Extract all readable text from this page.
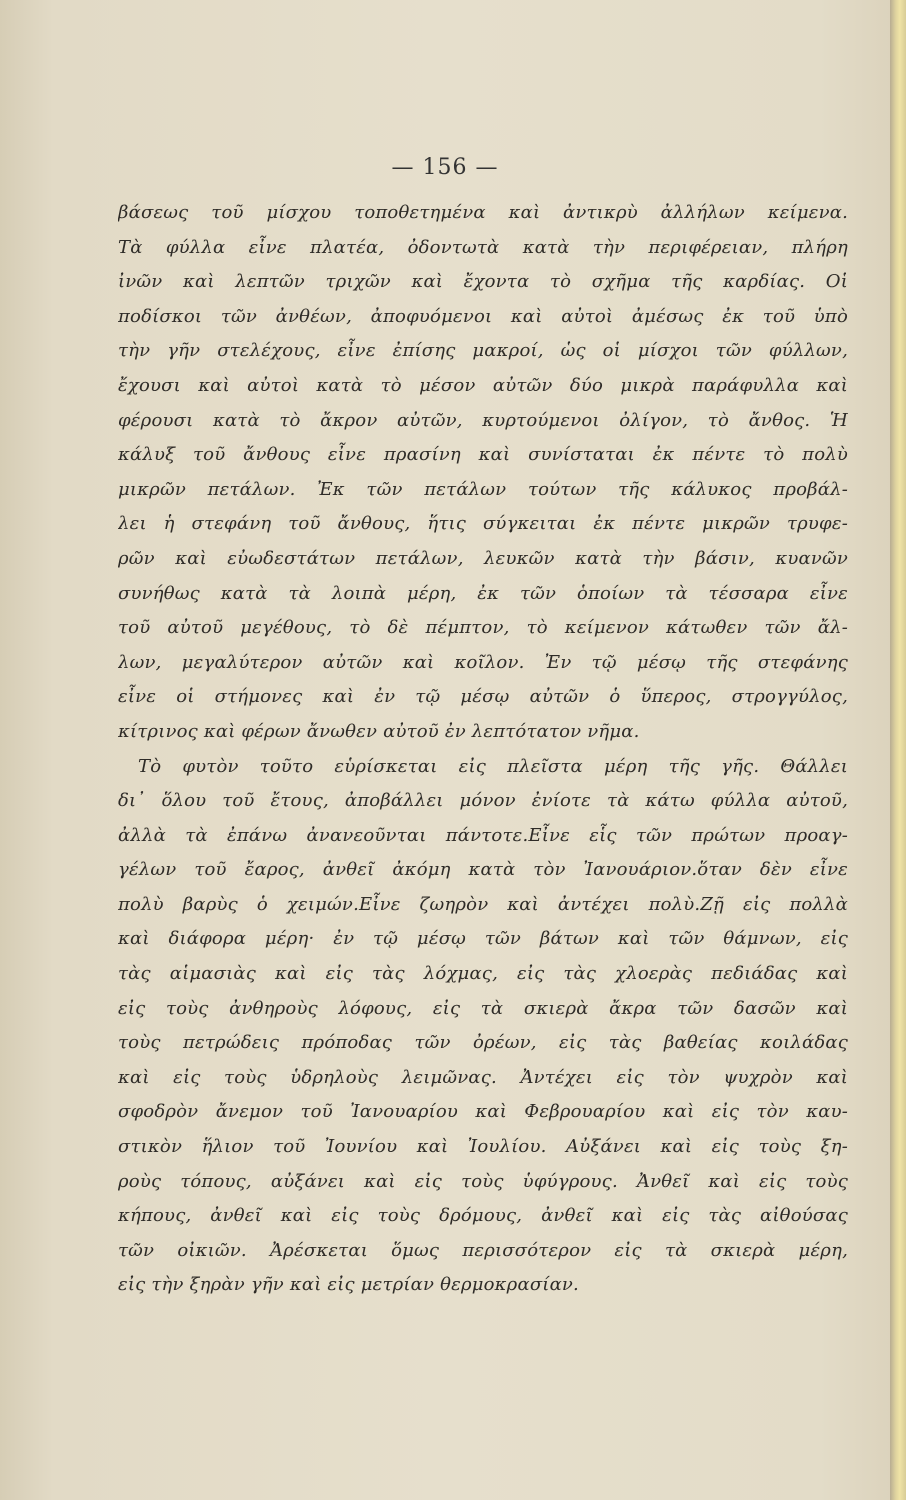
— 156 —
βάσεως τοῦ μίσχου τοποθετημένα καὶ ἀντικρὺ ἀλλήλων κείμενα.
Τὰ φύλλα εἶνε πλατέα, ὀδοντωτὰ κατὰ τὴν περιφέρειαν, πλήρη
ἰνῶν καὶ λεπτῶν τριχῶν καὶ ἔχοντα τὸ σχῆμα τῆς καρδίας. Οἱ
ποδίσκοι τῶν ἀνθέων, ἀποφυόμενοι καὶ αὐτοὶ ἀμέσως ἐκ τοῦ ὑπὸ
τὴν γῆν στελέχους, εἶνε ἐπίσης μακροί, ὡς οἱ μίσχοι τῶν φύλλων,
ἔχουσι καὶ αὐτοὶ κατὰ τὸ μέσον αὐτῶν δύο μικρὰ παράφυλλα καὶ
φέρουσι κατὰ τὸ ἄκρον αὐτῶν, κυρτούμενοι ὀλίγον, τὸ ἄνθος. Ἡ
κάλυξ τοῦ ἄνθους εἶνε πρασίνη καὶ συνίσταται ἐκ πέντε τὸ πολὺ
μικρῶν πετάλων. Ἐκ τῶν πετάλων τούτων τῆς κάλυκος προβάλ-
λει ἡ στεφάνη τοῦ ἄνθους, ἥτις σύγκειται ἐκ πέντε μικρῶν τρυφε-
ρῶν καὶ εὐωδεστάτων πετάλων, λευκῶν κατὰ τὴν βάσιν, κυανῶν
συνήθως κατὰ τὰ λοιπὰ μέρη, ἐκ τῶν ὁποίων τὰ τέσσαρα εἶνε
τοῦ αὐτοῦ μεγέθους, τὸ δὲ πέμπτον, τὸ κείμενον κάτωθεν τῶν ἄλ-
λων, μεγαλύτερον αὐτῶν καὶ κοῖλον. Ἐν τῷ μέσῳ τῆς στεφάνης
εἶνε οἱ στήμονες καὶ ἐν τῷ μέσῳ αὐτῶν ὁ ὕπερος, στρογγύλος,
κίτρινος καὶ φέρων ἄνωθεν αὐτοῦ ἐν λεπτότατον νῆμα.
Τὸ φυτὸν τοῦτο εὑρίσκεται εἰς πλεῖστα μέρη τῆς γῆς. Θάλλει
δι᾿ ὅλου τοῦ ἔτους, ἀποβάλλει μόνον ἐνίοτε τὰ κάτω φύλλα αὐτοῦ,
ἀλλὰ τὰ ἐπάνω ἀνανεοῦνται πάντοτε.Εἶνε εἷς τῶν πρώτων προαγ-
γέλων τοῦ ἔαρος, ἀνθεῖ ἀκόμη κατὰ τὸν Ἰανουάριον.ὅταν δὲν εἶνε
πολὺ βαρὺς ὁ χειμών.Εἶνε ζωηρὸν καὶ ἀντέχει πολὺ.Ζῇ εἰς πολλὰ
καὶ διάφορα μέρη· ἐν τῷ μέσῳ τῶν βάτων καὶ τῶν θάμνων, εἰς
τὰς αἱμασιὰς καὶ εἰς τὰς λόχμας, εἰς τὰς χλοερὰς πεδιάδας καὶ
εἰς τοὺς ἀνθηροὺς λόφους, εἰς τὰ σκιερὰ ἄκρα τῶν δασῶν καὶ
τοὺς πετρώδεις πρόποδας τῶν ὀρέων, εἰς τὰς βαθείας κοιλάδας
καὶ εἰς τοὺς ὑδρηλοὺς λειμῶνας. Ἀντέχει εἰς τὸν ψυχρὸν καὶ
σφοδρὸν ἄνεμον τοῦ Ἰανουαρίου καὶ Φεβρουαρίου καὶ εἰς τὸν καυ-
στικὸν ἥλιον τοῦ Ἰουνίου καὶ Ἰουλίου. Αὐξάνει καὶ εἰς τοὺς ξη-
ροὺς τόπους, αὐξάνει καὶ εἰς τοὺς ὑφύγρους. Ἀνθεῖ καὶ εἰς τοὺς
κήπους, ἀνθεῖ καὶ εἰς τοὺς δρόμους, ἀνθεῖ καὶ εἰς τὰς αἰθούσας
τῶν οἰκιῶν. Ἀρέσκεται ὅμως περισσότερον εἰς τὰ σκιερὰ μέρη,
εἰς τὴν ξηρὰν γῆν καὶ εἰς μετρίαν θερμοκρασίαν.
